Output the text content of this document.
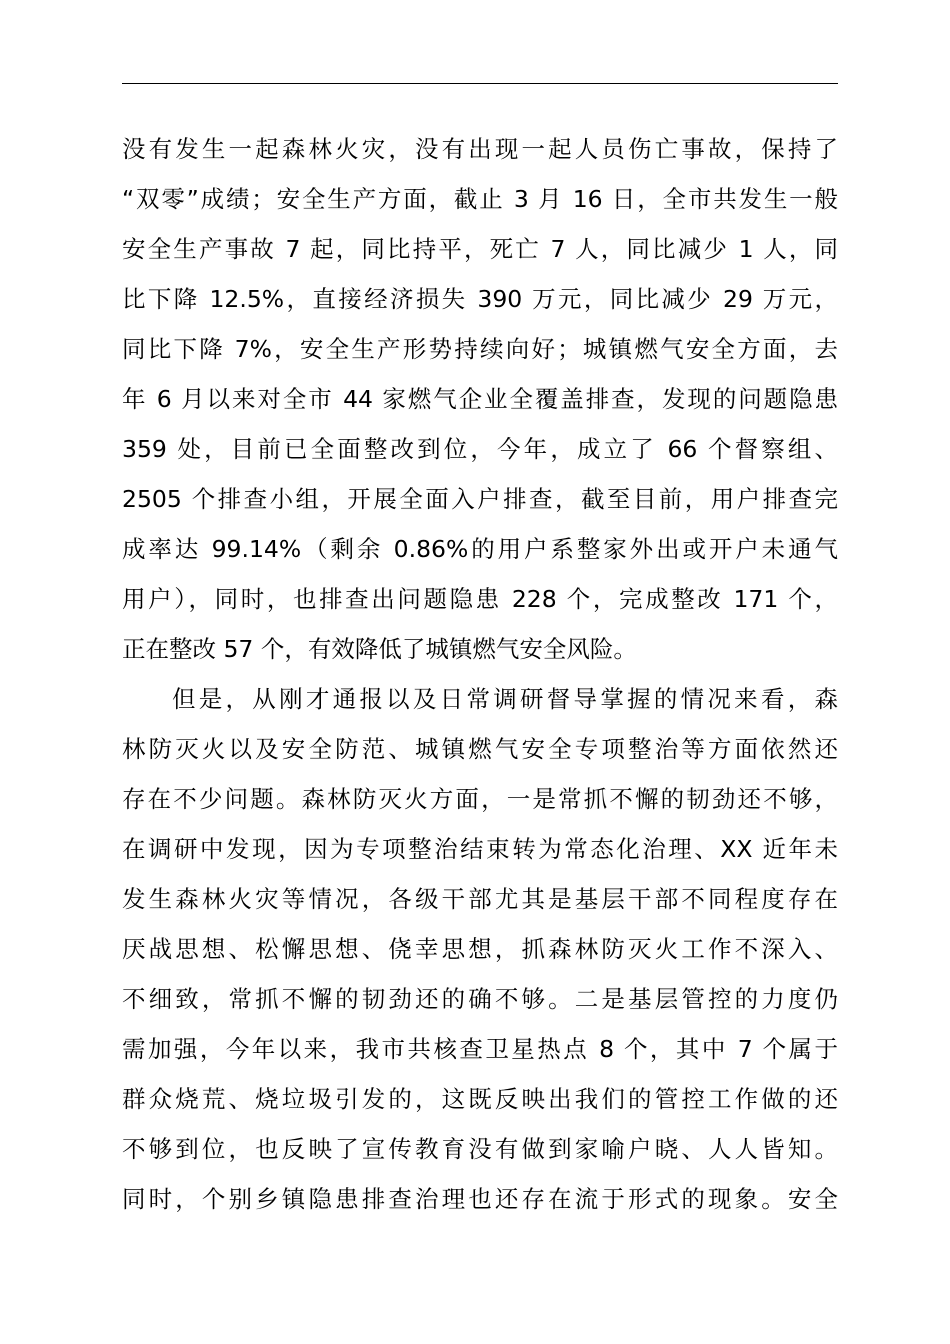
没有发生一起森林火灾，没有出现一起人员伤亡事故，保持了
“双零”成绩；安全生产方面，截止 3 月 16 日，全市共发生一般
安全生产事故 7 起，同比持平，死亡 7 人，同比减少 1 人，同
比下降 12.5%，直接经济损失 390 万元，同比减少 29 万元，
同比下降 7%，安全生产形势持续向好；城镇燃气安全方面，去
年 6 月以来对全市 44 家燃气企业全覆盖排查，发现的问题隐患
359 处，目前已全面整改到位，今年，成立了 66 个督察组、
2505 个排查小组，开展全面入户排查，截至目前，用户排查完
成率达 99.14%（剩余 0.86%的用户系整家外出或开户未通气
用户），同时，也排查出问题隐患 228 个，完成整改 171 个，
正在整改 57 个，有效降低了城镇燃气安全风险。
但是，从刚才通报以及日常调研督导掌握的情况来看，森
林防灭火以及安全防范、城镇燃气安全专项整治等方面依然还
存在不少问题。森林防灭火方面，一是常抓不懈的韧劲还不够，
在调研中发现，因为专项整治结束转为常态化治理、XX 近年未
发生森林火灾等情况，各级干部尤其是基层干部不同程度存在
厌战思想、松懈思想、侥幸思想，抓森林防灭火工作不深入、
不细致，常抓不懈的韧劲还的确不够。二是基层管控的力度仍
需加强，今年以来，我市共核查卫星热点 8 个，其中 7 个属于
群众烧荒、烧垃圾引发的，这既反映出我们的管控工作做的还
不够到位，也反映了宣传教育没有做到家喻户晓、人人皆知。
同时，个别乡镇隐患排查治理也还存在流于形式的现象。安全
